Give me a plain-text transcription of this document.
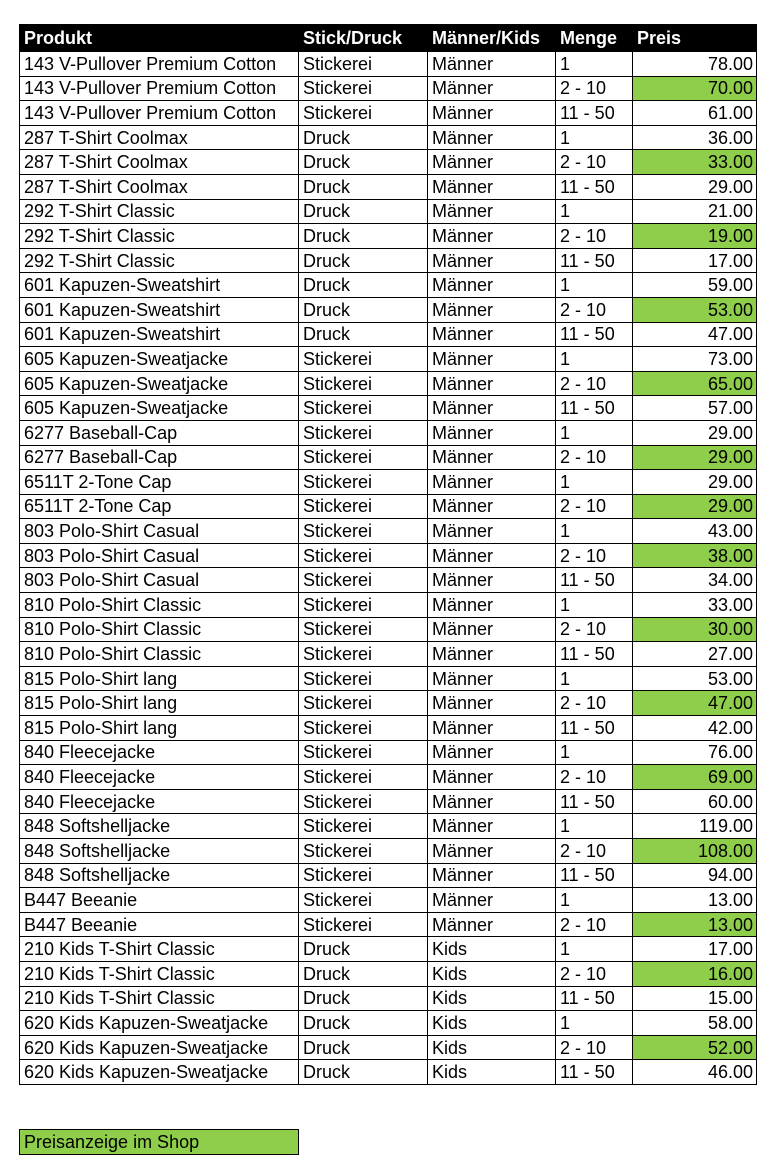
Produkt	Stick/Druck	Männer/Kids	Menge	Preis
143 V-Pullover Premium Cotton	Stickerei	Männer	1	78.00
143 V-Pullover Premium Cotton	Stickerei	Männer	2 - 10	70.00
143 V-Pullover Premium Cotton	Stickerei	Männer	11 - 50	61.00
287 T-Shirt Coolmax	Druck	Männer	1	36.00
287 T-Shirt Coolmax	Druck	Männer	2 - 10	33.00
287 T-Shirt Coolmax	Druck	Männer	11 - 50	29.00
292 T-Shirt Classic	Druck	Männer	1	21.00
292 T-Shirt Classic	Druck	Männer	2 - 10	19.00
292 T-Shirt Classic	Druck	Männer	11 - 50	17.00
601 Kapuzen-Sweatshirt	Druck	Männer	1	59.00
601 Kapuzen-Sweatshirt	Druck	Männer	2 - 10	53.00
601 Kapuzen-Sweatshirt	Druck	Männer	11 - 50	47.00
605 Kapuzen-Sweatjacke	Stickerei	Männer	1	73.00
605 Kapuzen-Sweatjacke	Stickerei	Männer	2 - 10	65.00
605 Kapuzen-Sweatjacke	Stickerei	Männer	11 - 50	57.00
6277 Baseball-Cap	Stickerei	Männer	1	29.00
6277 Baseball-Cap	Stickerei	Männer	2 - 10	29.00
6511T 2-Tone Cap	Stickerei	Männer	1	29.00
6511T 2-Tone Cap	Stickerei	Männer	2 - 10	29.00
803 Polo-Shirt Casual	Stickerei	Männer	1	43.00
803 Polo-Shirt Casual	Stickerei	Männer	2 - 10	38.00
803 Polo-Shirt Casual	Stickerei	Männer	11 - 50	34.00
810 Polo-Shirt Classic	Stickerei	Männer	1	33.00
810 Polo-Shirt Classic	Stickerei	Männer	2 - 10	30.00
810 Polo-Shirt Classic	Stickerei	Männer	11 - 50	27.00
815 Polo-Shirt lang	Stickerei	Männer	1	53.00
815 Polo-Shirt lang	Stickerei	Männer	2 - 10	47.00
815 Polo-Shirt lang	Stickerei	Männer	11 - 50	42.00
840 Fleecejacke	Stickerei	Männer	1	76.00
840 Fleecejacke	Stickerei	Männer	2 - 10	69.00
840 Fleecejacke	Stickerei	Männer	11 - 50	60.00
848 Softshelljacke	Stickerei	Männer	1	119.00
848 Softshelljacke	Stickerei	Männer	2 - 10	108.00
848 Softshelljacke	Stickerei	Männer	11 - 50	94.00
B447 Beeanie	Stickerei	Männer	1	13.00
B447 Beeanie	Stickerei	Männer	2 - 10	13.00
210 Kids T-Shirt Classic	Druck	Kids	1	17.00
210 Kids T-Shirt Classic	Druck	Kids	2 - 10	16.00
210 Kids T-Shirt Classic	Druck	Kids	11 - 50	15.00
620 Kids Kapuzen-Sweatjacke	Druck	Kids	1	58.00
620 Kids Kapuzen-Sweatjacke	Druck	Kids	2 - 10	52.00
620 Kids Kapuzen-Sweatjacke	Druck	Kids	11 - 50	46.00
Preisanzeige im Shop
